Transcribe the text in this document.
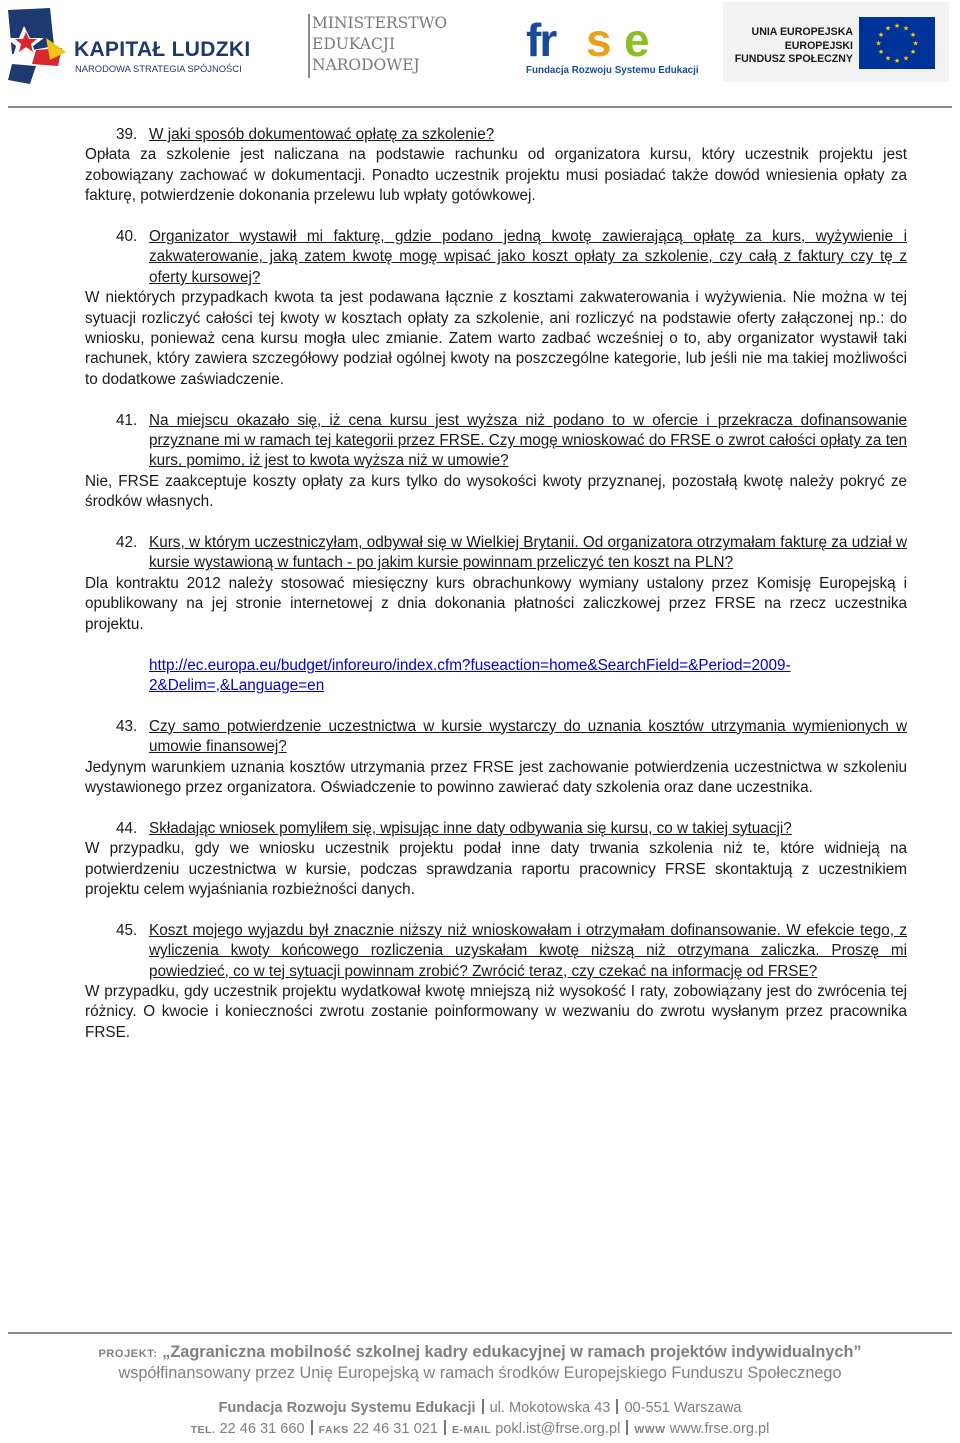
KAPITAŁ LUDZKI
NARODOWA STRATEGIA SPÓJNOŚCI
MINISTERSTWO
EDUKACJI
NARODOWEJ fr s e
Fundacja Rozwoju Systemu Edukacji
UNIA EUROPEJSKA
EUROPEJSKI
FUNDUSZ SPOŁECZNY
★ ★
★
★
★
★
★
★
★
★
★
★
39. W jaki sposób dokumentować opłatę za szkolenie?
Opłata za szkolenie jest naliczana na podstawie rachunku od organizatora kursu, który uczestnik projektu jest zobowiązany zachować w dokumentacji. Ponadto uczestnik projektu musi posiadać także dowód wniesienia opłaty za fakturę, potwierdzenie dokonania przelewu lub wpłaty gotówkowej.
40. Organizator wystawił mi fakturę, gdzie podano jedną kwotę zawierającą opłatę za kurs, wyżywienie i zakwaterowanie, jaką zatem kwotę mogę wpisać jako koszt opłaty za szkolenie, czy całą z faktury czy tę z oferty kursowej?
W niektórych przypadkach kwota ta jest podawana łącznie z kosztami zakwaterowania i wyżywienia. Nie można w tej sytuacji rozliczyć całości tej kwoty w kosztach opłaty za szkolenie, ani rozliczyć na podstawie oferty załączonej np.: do wniosku, ponieważ cena kursu mogła ulec zmianie. Zatem warto zadbać wcześniej o to, aby organizator wystawił taki rachunek, który zawiera szczegółowy podział ogólnej kwoty na poszczególne kategorie, lub jeśli nie ma takiej możliwości to dodatkowe zaświadczenie.
41. Na miejscu okazało się, iż cena kursu jest wyższa niż podano to w ofercie i przekracza dofinansowanie przyznane mi w ramach tej kategorii przez FRSE. Czy mogę wnioskować do FRSE o zwrot całości opłaty za ten kurs, pomimo, iż jest to kwota wyższa niż w umowie?
Nie, FRSE zaakceptuje koszty opłaty za kurs tylko do wysokości kwoty przyznanej, pozostałą kwotę należy pokryć ze środków własnych.
42. Kurs, w którym uczestniczyłam, odbywał się w Wielkiej Brytanii. Od organizatora otrzymałam fakturę za udział w kursie wystawioną w funtach - po jakim kursie powinnam przeliczyć ten koszt na PLN?
Dla kontraktu 2012 należy stosować miesięczny kurs obrachunkowy wymiany ustalony przez Komisję Europejską i opublikowany na jej stronie internetowej z dnia dokonania płatności zaliczkowej przez FRSE na rzecz uczestnika projektu.
http://ec.europa.eu/budget/inforeuro/index.cfm?fuseaction=home&SearchField=&Period=2009-2&Delim=,&Language=en
43. Czy samo potwierdzenie uczestnictwa w kursie wystarczy do uznania kosztów utrzymania wymienionych w umowie finansowej?
Jedynym warunkiem uznania kosztów utrzymania przez FRSE jest zachowanie potwierdzenia uczestnictwa w szkoleniu wystawionego przez organizatora. Oświadczenie to powinno zawierać daty szkolenia oraz dane uczestnika.
44. Składając wniosek pomyliłem się, wpisując inne daty odbywania się kursu, co w takiej sytuacji?
W przypadku, gdy we wniosku uczestnik projektu podał inne daty trwania szkolenia niż te, które widnieją na potwierdzeniu uczestnictwa w kursie, podczas sprawdzania raportu pracownicy FRSE skontaktują z uczestnikiem projektu celem wyjaśniania rozbieżności danych.
45. Koszt mojego wyjazdu był znacznie niższy niż wnioskowałam i otrzymałam dofinansowanie. W efekcie tego, z wyliczenia kwoty końcowego rozliczenia uzyskałam kwotę niższą niż otrzymana zaliczka. Proszę mi powiedzieć, co w tej sytuacji powinnam zrobić? Zwrócić teraz, czy czekać na informację od FRSE?
W przypadku, gdy uczestnik projektu wydatkował kwotę mniejszą niż wysokość I raty, zobowiązany jest do zwrócenia tej różnicy. O kwocie i konieczności zwrotu zostanie poinformowany w wezwaniu do zwrotu wysłanym przez pracownika FRSE.
PROJEKT: „Zagraniczna mobilność szkolnej kadry edukacyjnej w ramach projektów indywidualnych”
współfinansowany przez Unię Europejską w ramach środków Europejskiego Funduszu Społecznego
Fundacja Rozwoju Systemu Edukacji ul. Mokotowska 43 00-551 Warszawa
TEL. 22 46 31 660 FAKS 22 46 31 021 E-MAIL pokl.ist@frse.org.pl WWW www.frse.org.pl
